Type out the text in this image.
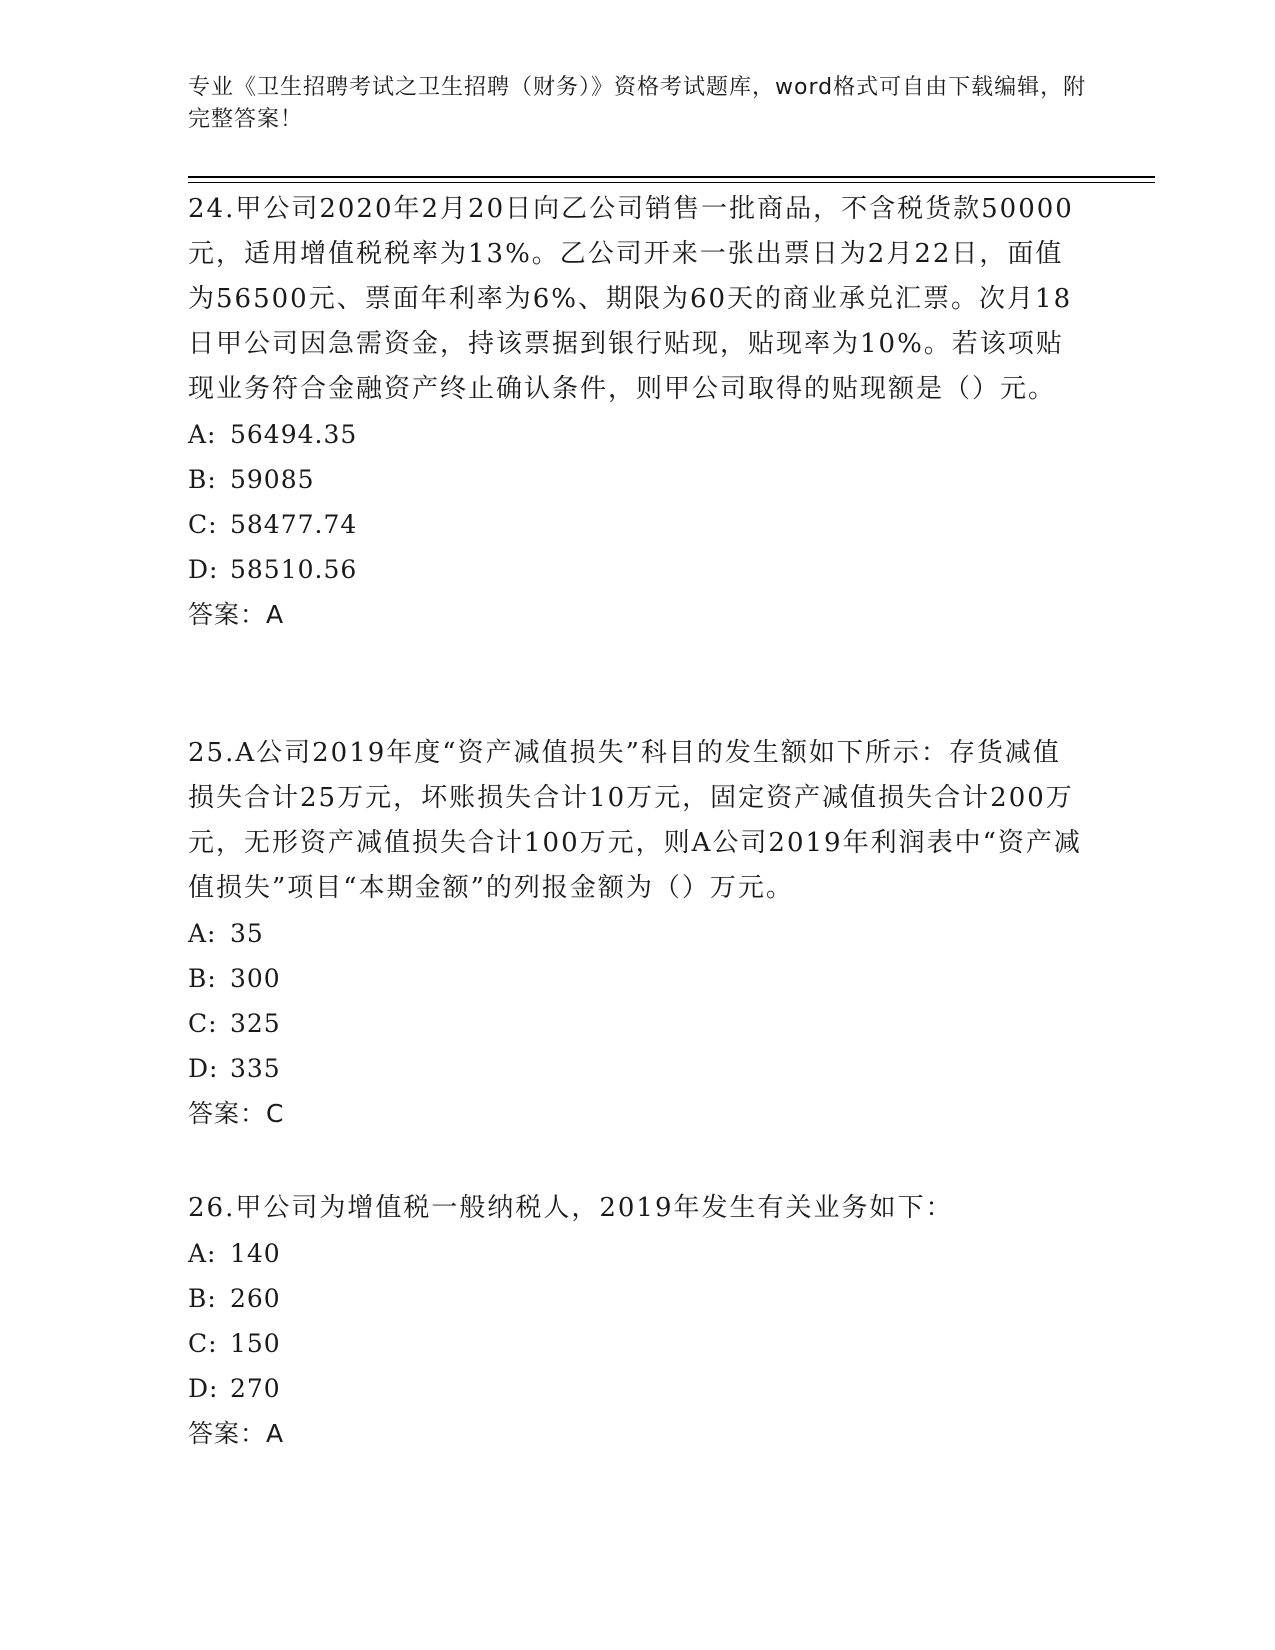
专业《卫生招聘考试之卫生招聘（财务）》资格考试题库，word格式可自由下载编辑，附完整答案！

24.甲公司2020年2月20日向乙公司销售一批商品，不含税货款50000元，适用增值税税率为13%。乙公司开来一张出票日为2月22日，面值为56500元、票面年利率为6%、期限为60天的商业承兑汇票。次月18日甲公司因急需资金，持该票据到银行贴现，贴现率为10%。若该项贴现业务符合金融资产终止确认条件，则甲公司取得的贴现额是（）元。

A: 56494.35
B: 59085
C: 58477.74
D: 58510.56
答案：A

25.A公司2019年度“资产减值损失”科目的发生额如下所示：存货减值损失合计25万元，坏账损失合计10万元，固定资产减值损失合计200万元，无形资产减值损失合计100万元，则A公司2019年利润表中“资产减值损失”项目“本期金额”的列报金额为（）万元。

A: 35
B: 300
C: 325
D: 335
答案：C

26.甲公司为增值税一般纳税人，2019年发生有关业务如下：

A: 140
B: 260
C: 150
D: 270
答案：A
